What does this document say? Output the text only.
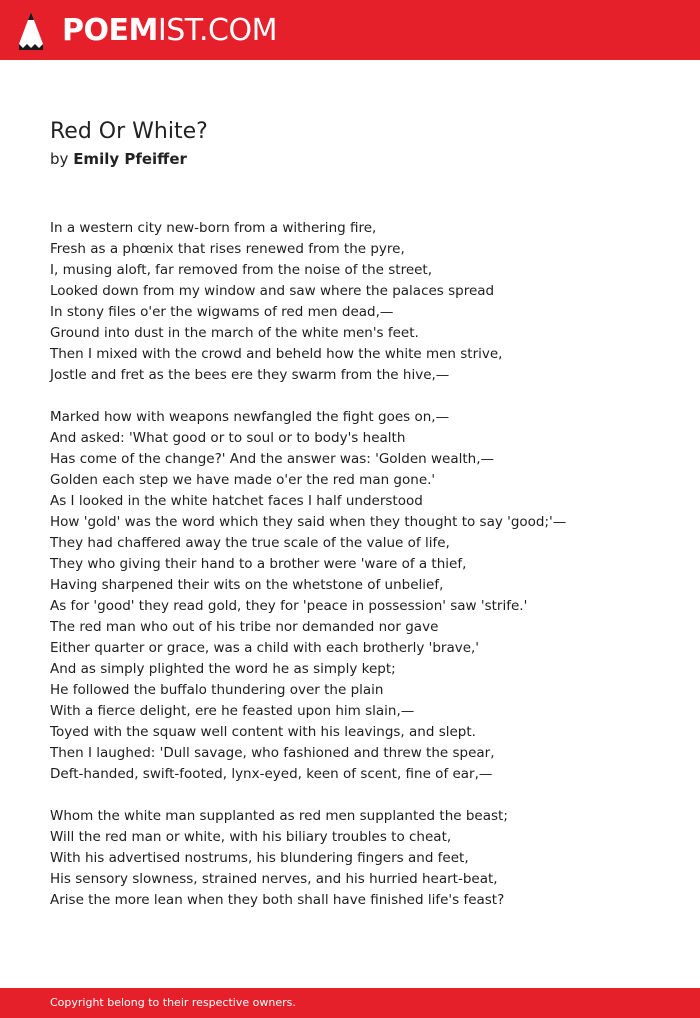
POEMIST.COM
Red Or White?
by Emily Pfeiffer
In a western city new-born from a withering fire,
Fresh as a phœnix that rises renewed from the pyre,
I, musing aloft, far removed from the noise of the street,
Looked down from my window and saw where the palaces spread
In stony files o'er the wigwams of red men dead,—
Ground into dust in the march of the white men's feet.
Then I mixed with the crowd and beheld how the white men strive,
Jostle and fret as the bees ere they swarm from the hive,—
Marked how with weapons newfangled the fight goes on,—
And asked: 'What good or to soul or to body's health
Has come of the change?' And the answer was: 'Golden wealth,—
Golden each step we have made o'er the red man gone.'
As I looked in the white hatchet faces I half understood
How 'gold' was the word which they said when they thought to say 'good;'—
They had chaffered away the true scale of the value of life,
They who giving their hand to a brother were 'ware of a thief,
Having sharpened their wits on the whetstone of unbelief,
As for 'good' they read gold, they for 'peace in possession' saw 'strife.'
The red man who out of his tribe nor demanded nor gave
Either quarter or grace, was a child with each brotherly 'brave,'
And as simply plighted the word he as simply kept;
He followed the buffalo thundering over the plain
With a fierce delight, ere he feasted upon him slain,—
Toyed with the squaw well content with his leavings, and slept.
Then I laughed: 'Dull savage, who fashioned and threw the spear,
Deft-handed, swift-footed, lynx-eyed, keen of scent, fine of ear,—
Whom the white man supplanted as red men supplanted the beast;
Will the red man or white, with his biliary troubles to cheat,
With his advertised nostrums, his blundering fingers and feet,
His sensory slowness, strained nerves, and his hurried heart-beat,
Arise the more lean when they both shall have finished life's feast?
Copyright belong to their respective owners.
